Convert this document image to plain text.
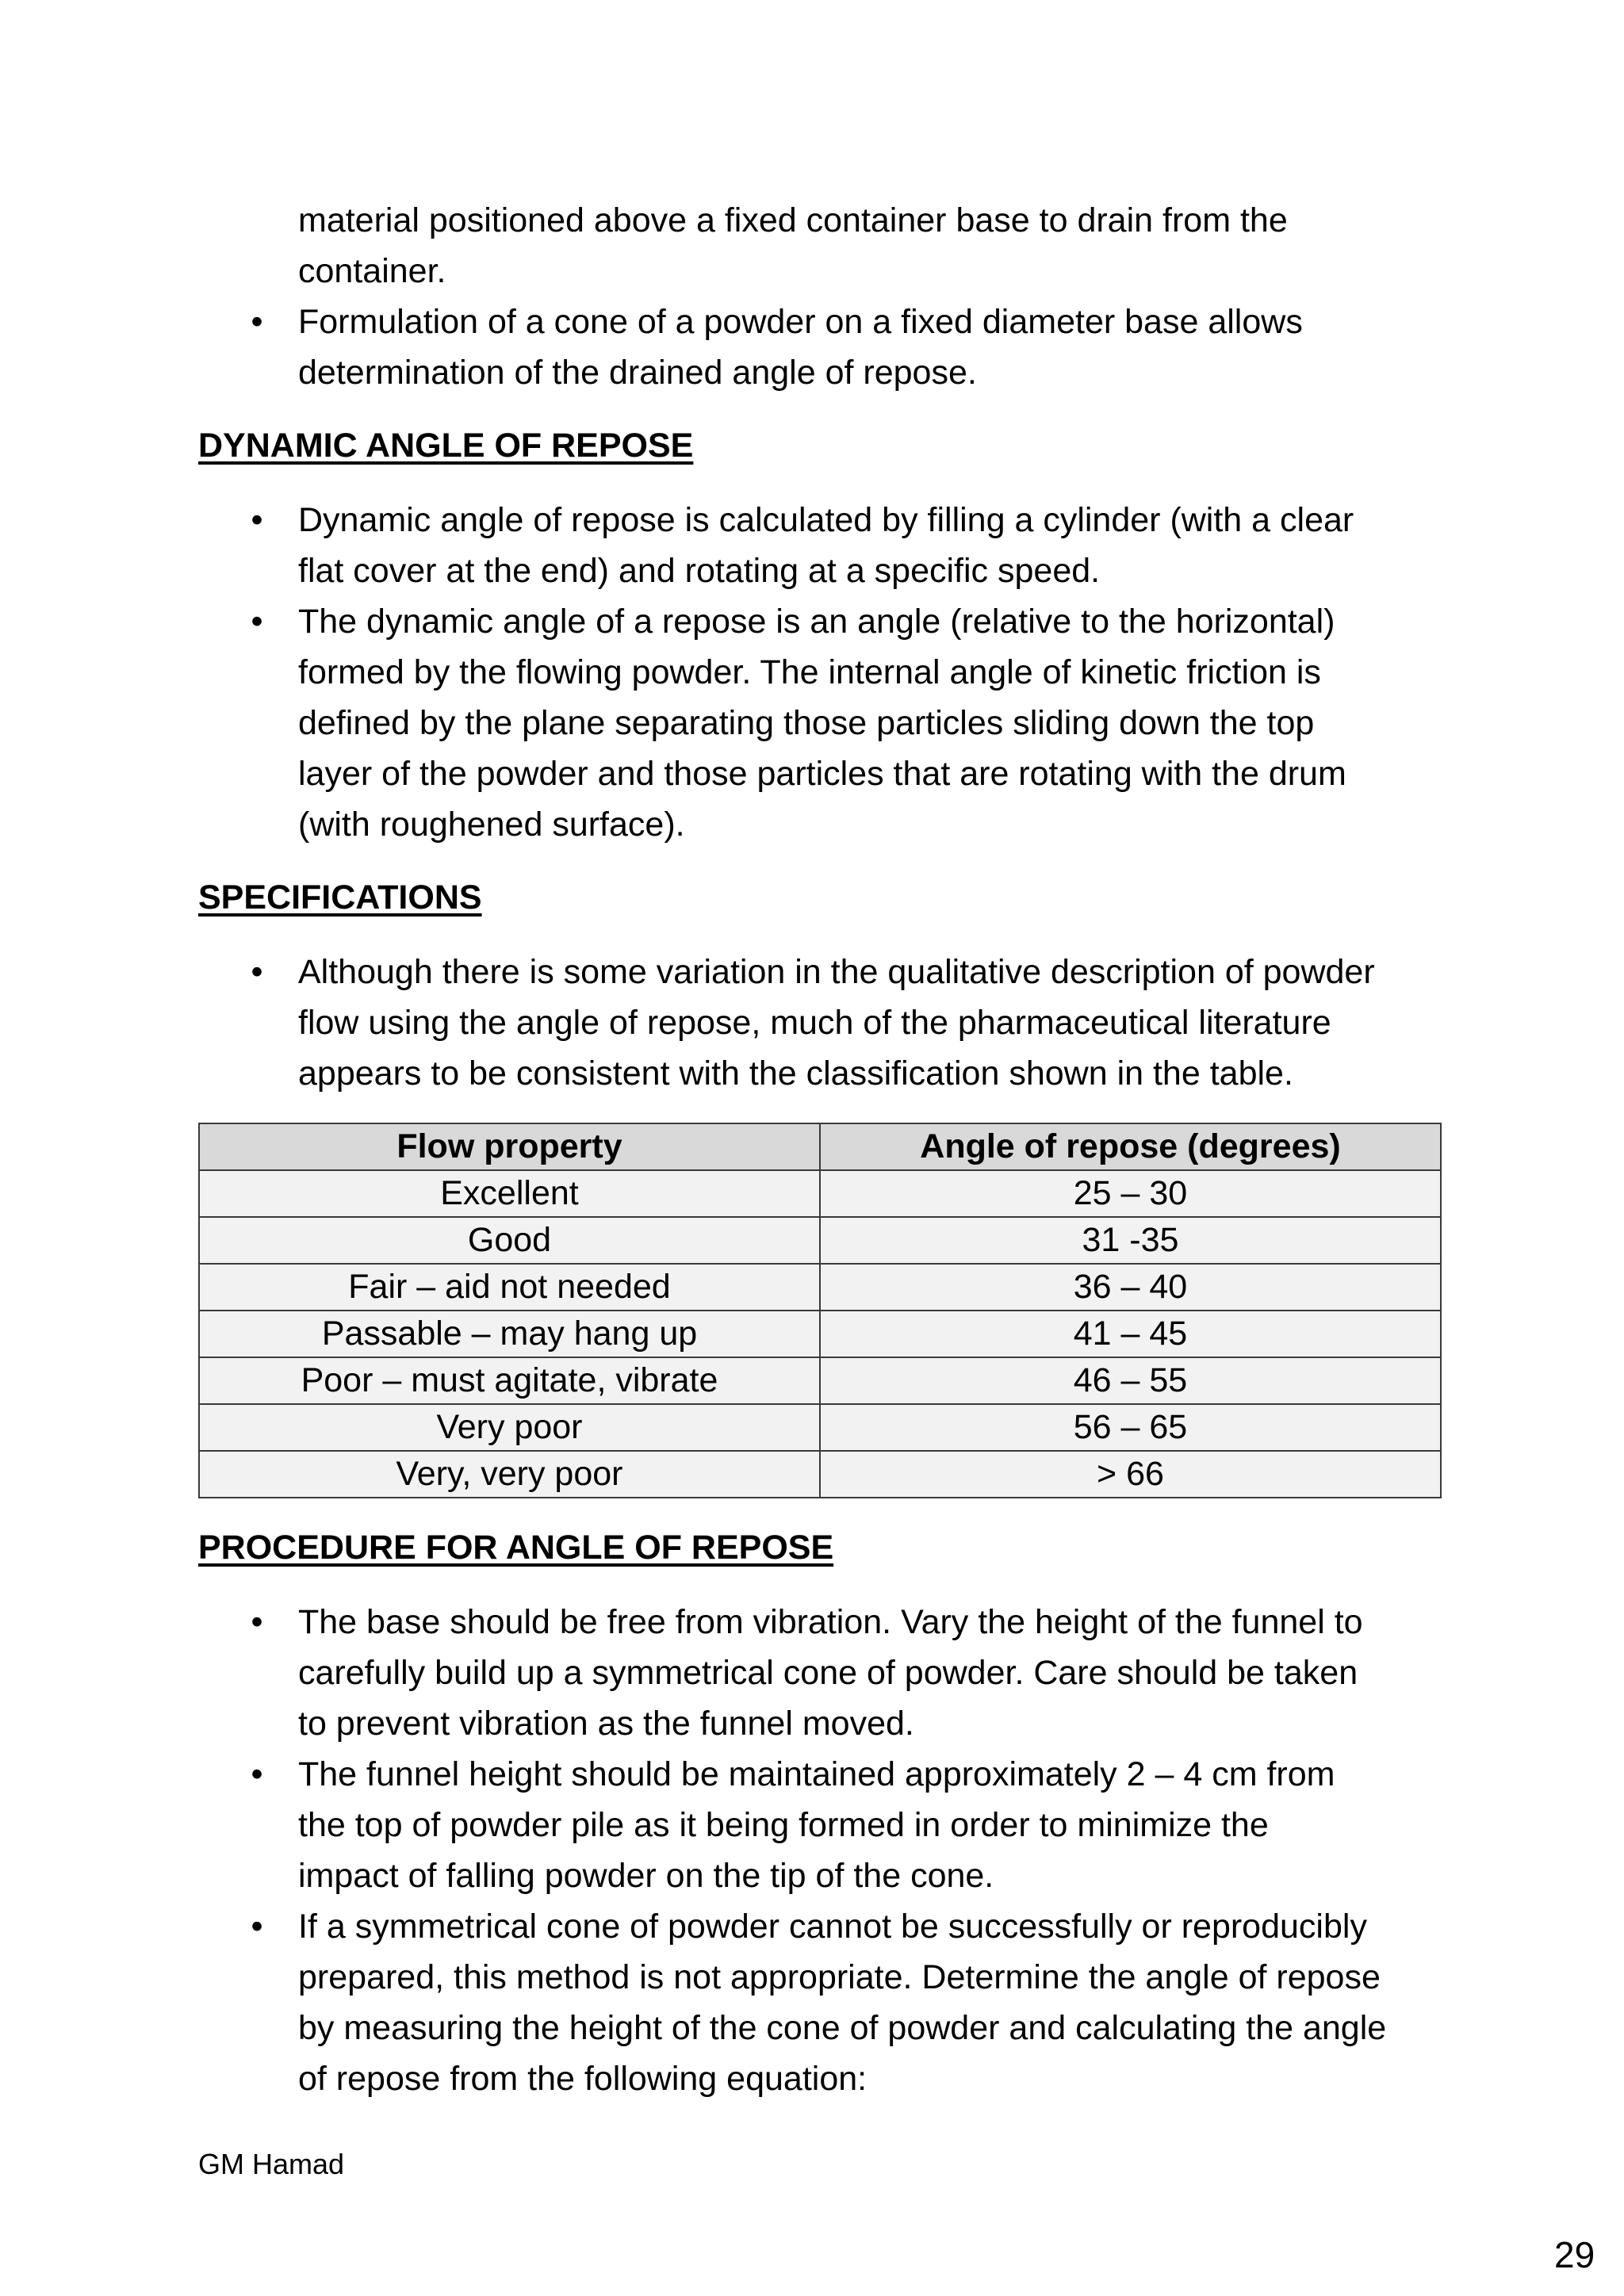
material positioned above a fixed container base to drain from the

container.

• Formulation of a cone of a powder on a fixed diameter base allows
determination of the drained angle of repose.

DYNAMIC ANGLE OF REPOSE

• Dynamic angle of repose is calculated by filling a cylinder (with a clear
flat cover at the end) and rotating at a specific speed.
• The dynamic angle of a repose is an angle (relative to the horizontal)
formed by the flowing powder. The internal angle of kinetic friction is
defined by the plane separating those particles sliding down the top
layer of the powder and those particles that are rotating with the drum
(with roughened surface).

SPECIFICATIONS

• Although there is some variation in the qualitative description of powder
flow using the angle of repose, much of the pharmaceutical literature
appears to be consistent with the classification shown in the table.
Flow property	Angle of repose (degrees)
Excellent	25 – 30
Good	31 -35
Fair – aid not needed	36 – 40
Passable – may hang up	41 – 45
Poor – must agitate, vibrate	46 – 55
Very poor	56 – 65
Very, very poor	> 66

PROCEDURE FOR ANGLE OF REPOSE

• The base should be free from vibration. Vary the height of the funnel to
carefully build up a symmetrical cone of powder. Care should be taken
to prevent vibration as the funnel moved.
• The funnel height should be maintained approximately 2 – 4 cm from
the top of powder pile as it being formed in order to minimize the
impact of falling powder on the tip of the cone.
• If a symmetrical cone of powder cannot be successfully or reproducibly
prepared, this method is not appropriate. Determine the angle of repose
by measuring the height of the cone of powder and calculating the angle
of repose from the following equation:
GM Hamad
29
